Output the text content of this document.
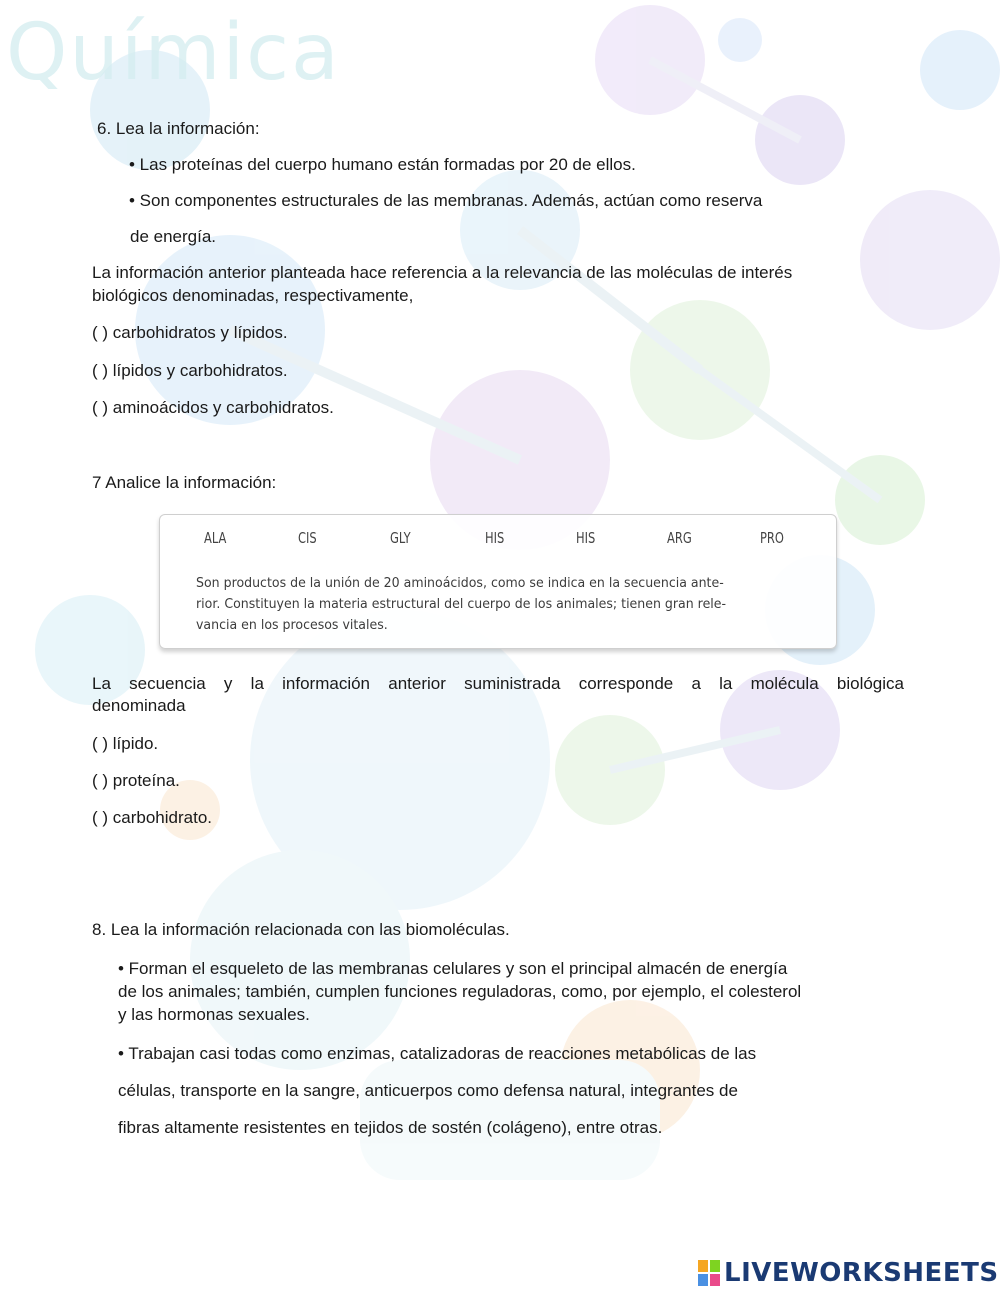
Química
6. Lea la información:
• Las proteínas del cuerpo humano están formadas por 20 de ellos.
• Son componentes estructurales de las membranas. Además, actúan como reserva
de energía.
La información anterior planteada hace referencia a la relevancia de las moléculas de interés
biológicos denominadas, respectivamente,
( ) carbohidratos y lípidos.
( ) lípidos y carbohidratos.
( ) aminoácidos y carbohidratos.
7 Analice la información:
ALA	CIS	GLY	HIS	HIS	ARG	PRO
Son productos de la unión de 20 aminoácidos, como se indica en la secuencia ante-
rior. Constituyen la materia estructural del cuerpo de los animales; tienen gran rele-
vancia en los procesos vitales.
La secuencia y la información anterior suministrada corresponde a la molécula biológica
denominada
( ) lípido.
( ) proteína.
( ) carbohidrato.
8. Lea la información relacionada con las biomoléculas.
• Forman el esqueleto de las membranas celulares y son el principal almacén de energía
de los animales; también, cumplen funciones reguladoras, como, por ejemplo, el colesterol
y las hormonas sexuales.
• Trabajan casi todas como enzimas, catalizadoras de reacciones metabólicas de las
células, transporte en la sangre, anticuerpos como defensa natural, integrantes de
fibras altamente resistentes en tejidos de sostén (colágeno), entre otras.
LIVEWORKSHEETS
